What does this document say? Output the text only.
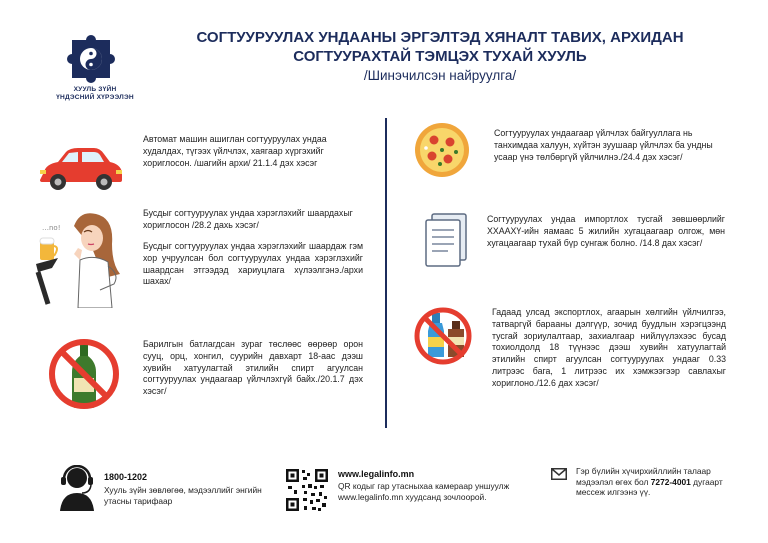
ХУУЛЬ ЗҮЙН
ҮНДЭСНИЙ ХҮРЭЭЛЭН
СОГТУУРУУЛАХ УНДААНЫ ЭРГЭЛТЭД ХЯНАЛТ ТАВИХ, АРХИДАН
СОГТУУРАХТАЙ ТЭМЦЭХ ТУХАЙ ХУУЛЬ
/Шинэчилсэн найруулга/
Автомат машин ашиглан согтууруулах ундаа худалдах, түгээх үйлчлэх, хаягаар хүргэхийг хориглосон. /шагийн архи/ 21.1.4 дэх хэсэг
…no!
Бусдыг согтууруулах ундаа хэрэглэхийг шаардахыг хориглосон /28.2 дахь хэсэг/
Бусдыг согтууруулах ундаа хэрэглэхийг шаардаж гэм хор учруулсан бол согтууруулах ундаа хэрэглэхийг шаардсан этгээдэд хариуцлага хүлээлгэнэ./архи шахах/
Барилгын батлагдсан зураг төслөөс өөрөөр орон сууц, орц, хонгил, суурийн давхарт 18-аас дээш хувийн хатуулагтай этилийн спирт агуулсан согтууруулах ундаагаар үйлчлэхгүй байх./20.1.7 дэх хэсэг/
Согтууруулах ундаагаар үйлчлэх байгууллага нь танхимдаа халуун, хүйтэн зуушаар үйлчлэх ба ундны усаар үнэ төлбөргүй үйлчилнэ./24.4 дэх хэсэг/
Согтууруулах ундаа импортлох тусгай зөвшөөрлийг ХХААХҮ-ийн яамаас 5 жилийн хугацаагаар олгож, мөн хугацаагаар тухай бүр сунгаж болно. /14.8 дах хэсэг/
Гадаад улсад экспортлох, агаарын хөлгийн үйлчилгээ, татваргүй барааны дэлгүүр, зочид буудлын хэрэгцээнд тусгай зориулалтаар, захиалгаар нийлүүлэхээс бусад тохиолдолд 18 түүнээс дээш хувийн хатуулагтай этилийн спирт агуулсан согтууруулах ундааг 0.33 литрээс бага, 1 литрээс их хэмжээгээр савлахыг хориглоно./12.6 дах хэсэг/
1800-1202
Хууль зүйн зөвлөгөө, мэдээллийг энгийн утасны тарифаар
www.legalinfo.mn
QR кодыг гар утасныхаа камераар уншуулж www.legalinfo.mn хуудсанд зочлоорой.
Гэр бүлийн хүчирхийллийн талаар мэдээлэл өгөх бол 7272-4001 дугаарт мессеж илгээнэ үү.
